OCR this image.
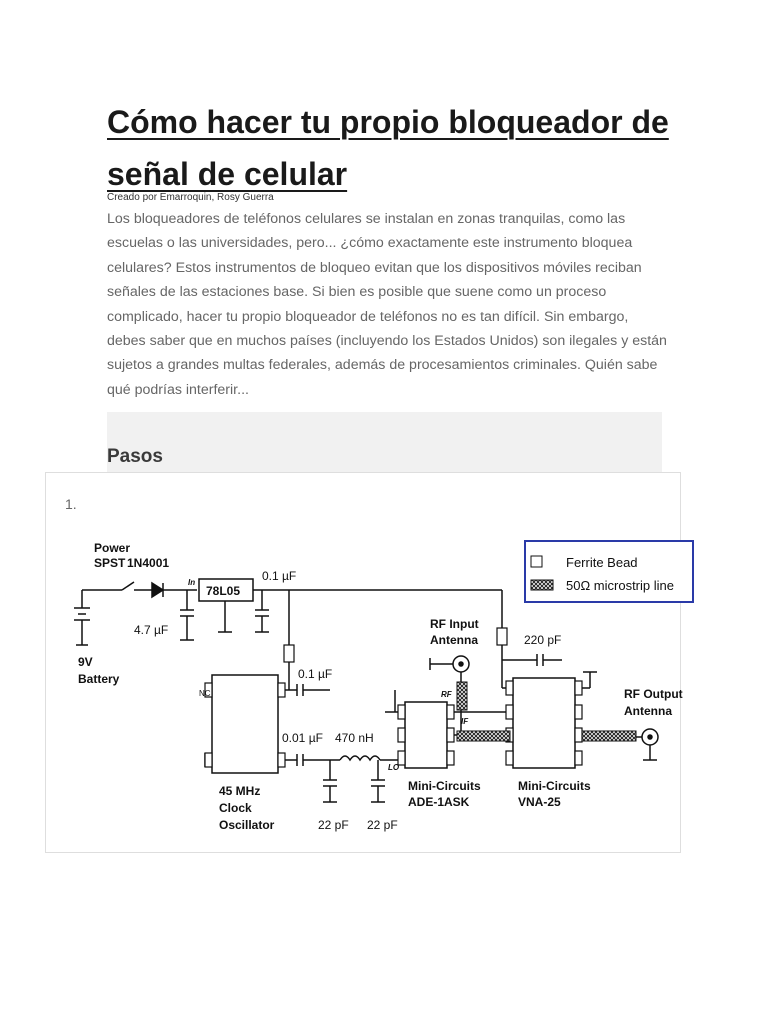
Cómo hacer tu propio bloqueador de señal de celular
Creado por Emarroquin, Rosy Guerra

Los bloqueadores de teléfonos celulares se instalan en zonas tranquilas, como las escuelas o las universidades, pero... ¿cómo exactamente este instrumento bloquea celulares? Estos instrumentos de bloqueo evitan que los dispositivos móviles reciban señales de las estaciones base. Si bien es posible que suene como un proceso complicado, hacer tu propio bloqueador de teléfonos no es tan difícil. Sin embargo, debes saber que en muchos países (incluyendo los Estados Unidos) son ilegales y están sujetos a grandes multas federales, además de procesamientos criminales. Quién sabe qué podrías interferir...

Pasos
1.
Ferrite Bead
50Ω microstrip line
Power
SPST 1N4001
In
78L05
0.1 µF
4.7 µF
9V
Battery
NC
0.1 µF
0.01 µF 470 nH
LO
45 MHz
Clock
Oscillator	22 pF 22 pF
RF Input
Antenna
RF
IF
220 pF
Mini-Circuits
ADE-1ASK
Mini-Circuits
VNA-25
RF Output
Antenna
